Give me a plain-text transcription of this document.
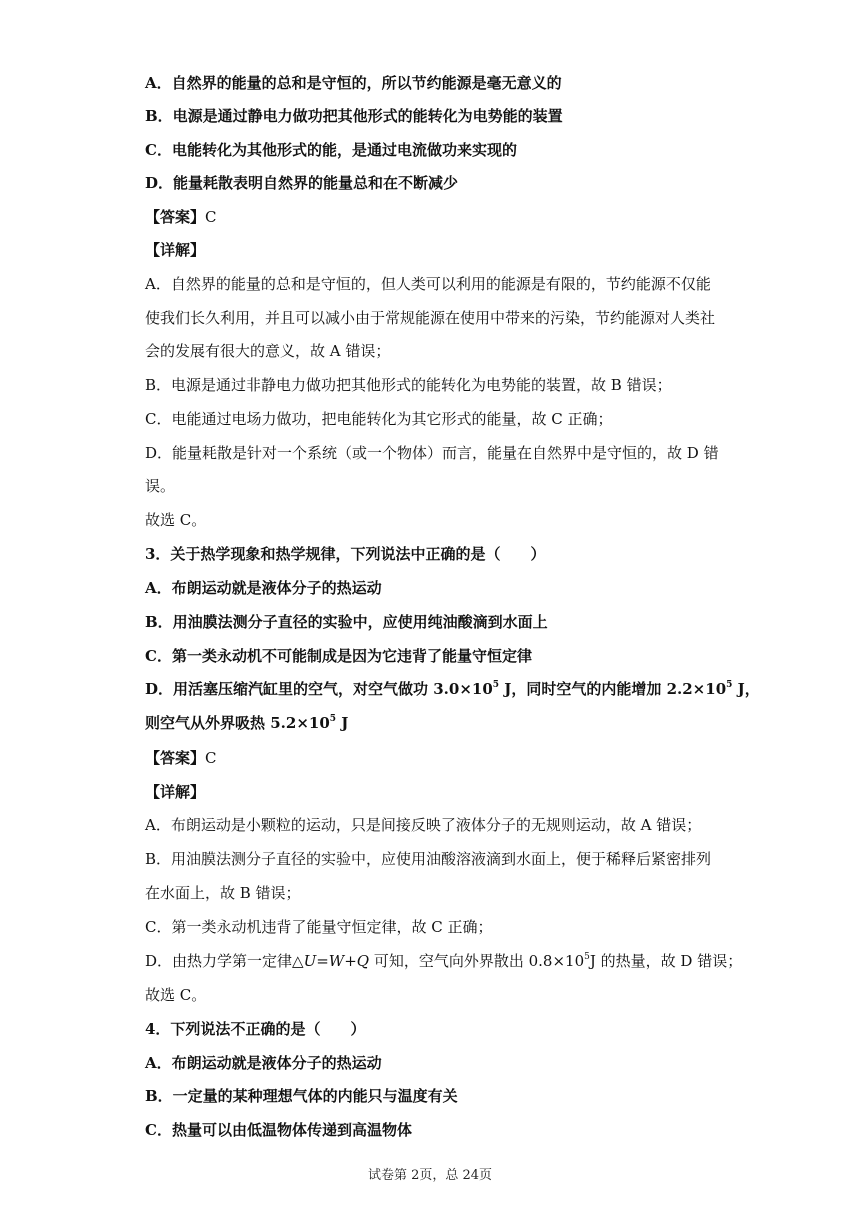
A．自然界的能量的总和是守恒的，所以节约能源是毫无意义的
B．电源是通过静电力做功把其他形式的能转化为电势能的装置
C．电能转化为其他形式的能，是通过电流做功来实现的
D．能量耗散表明自然界的能量总和在不断减少
【答案】C
【详解】
A．自然界的能量的总和是守恒的，但人类可以利用的能源是有限的，节约能源不仅能
使我们长久利用，并且可以减小由于常规能源在使用中带来的污染，节约能源对人类社
会的发展有很大的意义，故 A 错误；
B．电源是通过非静电力做功把其他形式的能转化为电势能的装置，故 B 错误；
C．电能通过电场力做功，把电能转化为其它形式的能量，故 C 正确；
D．能量耗散是针对一个系统（或一个物体）而言，能量在自然界中是守恒的，故 D 错
误。
故选 C。
3．关于热学现象和热学规律，下列说法中正确的是（　　）
A．布朗运动就是液体分子的热运动
B．用油膜法测分子直径的实验中，应使用纯油酸滴到水面上
C．第一类永动机不可能制成是因为它违背了能量守恒定律
D．用活塞压缩汽缸里的空气，对空气做功 $3.0\times 10^5$ J，同时空气的内能增加 $2.2\times 10^5$ J，
则空气从外界吸热 $5.2\times 10^5$ J
【答案】C
【详解】
A．布朗运动是小颗粒的运动，只是间接反映了液体分子的无规则运动，故 A 错误；
B．用油膜法测分子直径的实验中，应使用油酸溶液滴到水面上，便于稀释后紧密排列
在水面上，故 B 错误；
C．第一类永动机违背了能量守恒定律，故 C 正确；
D．由热力学第一定律△U=W+Q 可知，空气向外界散出 $0.8\times 10^5J$ 的热量，故 D 错误；
故选 C。
4．下列说法不正确的是（　　）
A．布朗运动就是液体分子的热运动
B．一定量的某种理想气体的内能只与温度有关
C．热量可以由低温物体传递到高温物体
试卷第 2页，总 24页
